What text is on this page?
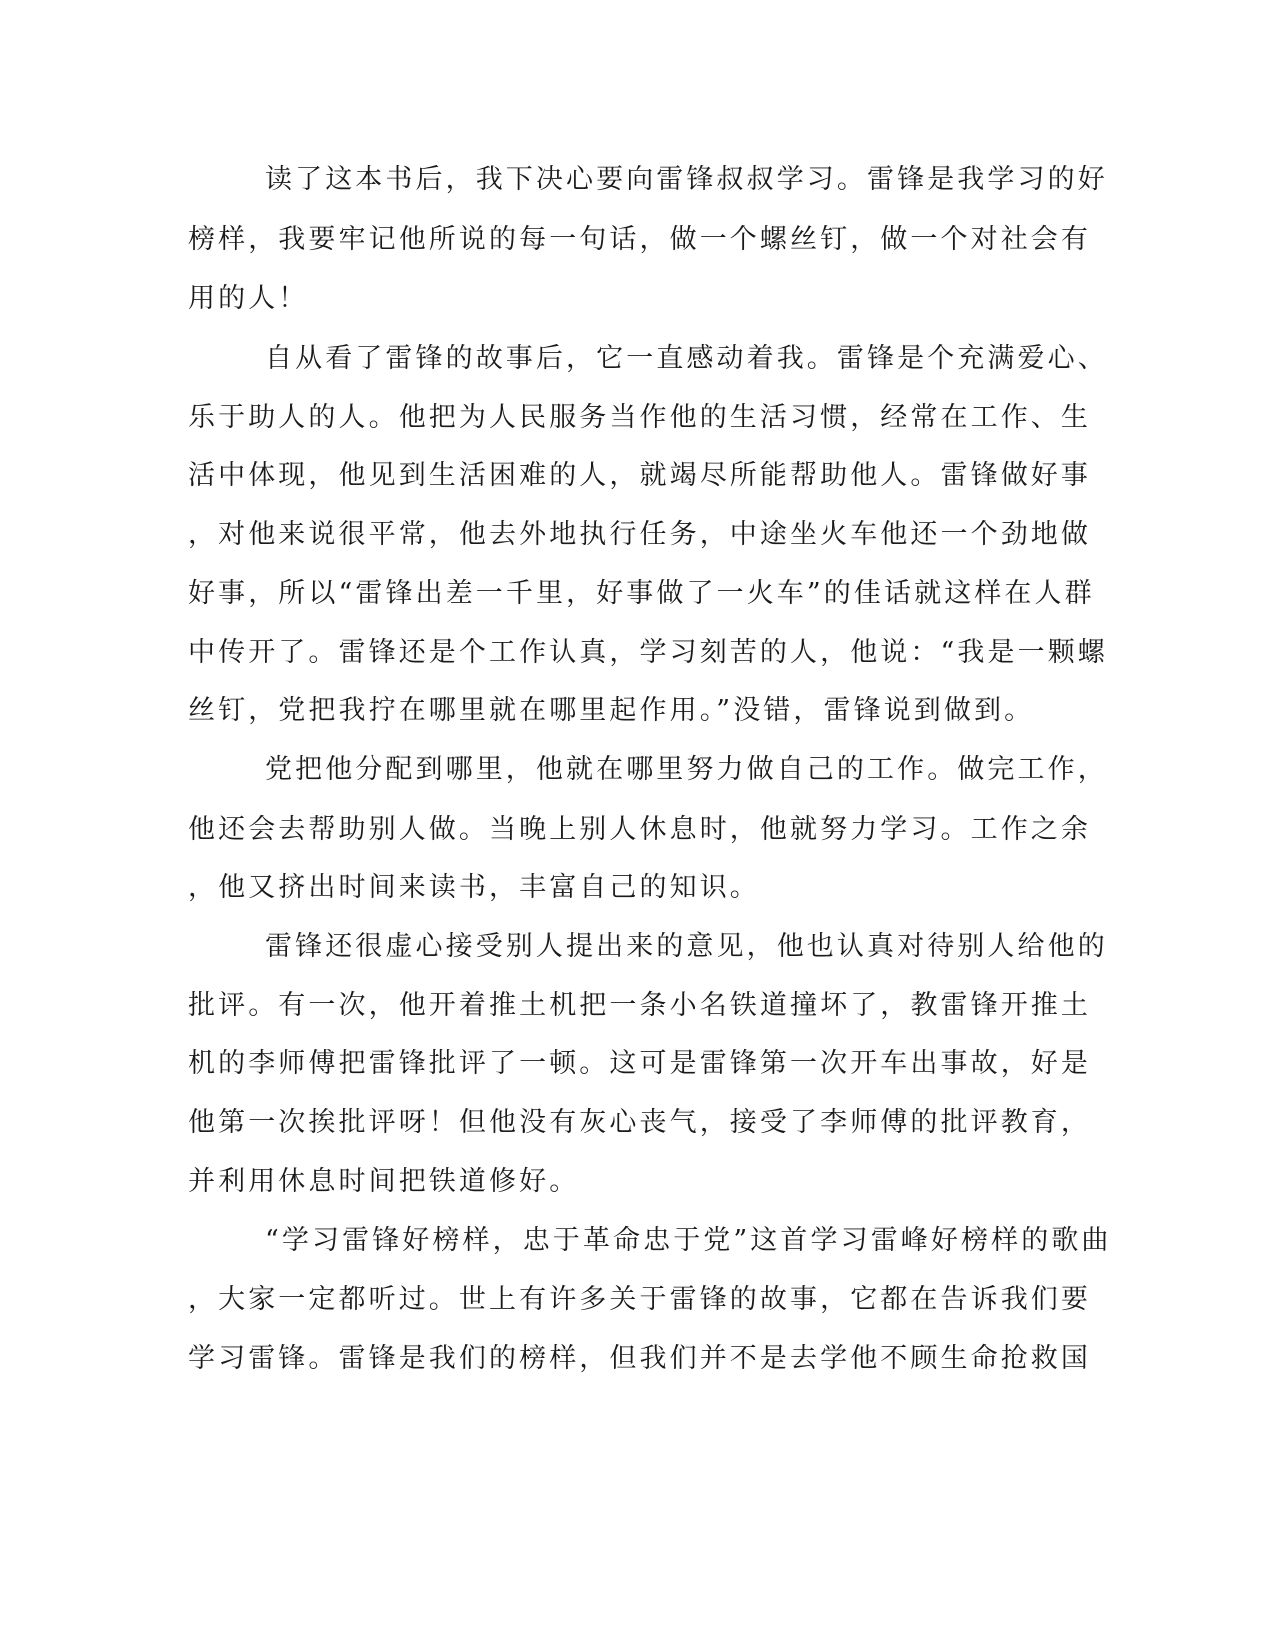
读了这本书后，我下决心要向雷锋叔叔学习。雷锋是我学习的好
榜样，我要牢记他所说的每一句话，做一个螺丝钉，做一个对社会有
用的人！
自从看了雷锋的故事后，它一直感动着我。雷锋是个充满爱心、
乐于助人的人。他把为人民服务当作他的生活习惯，经常在工作、生
活中体现，他见到生活困难的人，就竭尽所能帮助他人。雷锋做好事
，对他来说很平常，他去外地执行任务，中途坐火车他还一个劲地做
好事，所以“雷锋出差一千里，好事做了一火车”的佳话就这样在人群
中传开了。雷锋还是个工作认真，学习刻苦的人，他说：“我是一颗螺
丝钉，党把我拧在哪里就在哪里起作用。”没错，雷锋说到做到。
党把他分配到哪里，他就在哪里努力做自己的工作。做完工作，
他还会去帮助别人做。当晚上别人休息时，他就努力学习。工作之余
，他又挤出时间来读书，丰富自己的知识。
雷锋还很虚心接受别人提出来的意见，他也认真对待别人给他的
批评。有一次，他开着推土机把一条小名铁道撞坏了，教雷锋开推土
机的李师傅把雷锋批评了一顿。这可是雷锋第一次开车出事故，好是
他第一次挨批评呀！但他没有灰心丧气，接受了李师傅的批评教育，
并利用休息时间把铁道修好。
“学习雷锋好榜样，忠于革命忠于党”这首学习雷峰好榜样的歌曲
，大家一定都听过。世上有许多关于雷锋的故事，它都在告诉我们要
学习雷锋。雷锋是我们的榜样，但我们并不是去学他不顾生命抢救国
